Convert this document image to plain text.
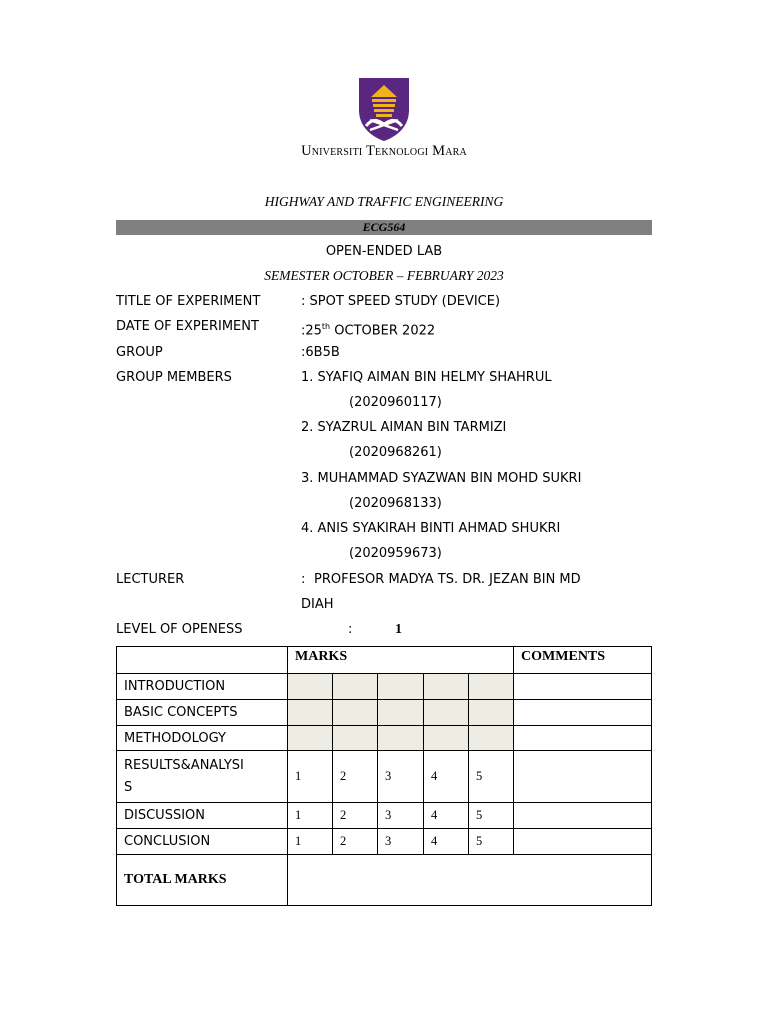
Universiti Teknologi Mara
HIGHWAY AND TRAFFIC ENGINEERING
ECG564
OPEN-ENDED LAB
SEMESTER OCTOBER – FEBRUARY 2023
TITLE OF EXPERIMENT	: SPOT SPEED STUDY (DEVICE)
DATE OF EXPERIMENT	:25th OCTOBER 2022
GROUP	:6B5B
GROUP MEMBERS	1. SYAFIQ AIMAN BIN HELMY SHAHRUL
(2020960117)
2. SYAZRUL AIMAN BIN TARMIZI
(2020968261)
3. MUHAMMAD SYAZWAN BIN MOHD SUKRI
(2020968133)
4. ANIS SYAKIRAH BINTI AHMAD SHUKRI
(2020959673)
LECTURER	: PROFESOR MADYA TS. DR. JEZAN BIN MD
DIAH
LEVEL OF OPENESS	:	1
	MARKS					COMMENTS
INTRODUCTION						
BASIC CONCEPTS						
METHODOLOGY						
RESULTS&ANALYSI
S	1	2	3	4	5	
DISCUSSION	1	2	3	4	5	
CONCLUSION	1	2	3	4	5	
TOTAL MARKS						
